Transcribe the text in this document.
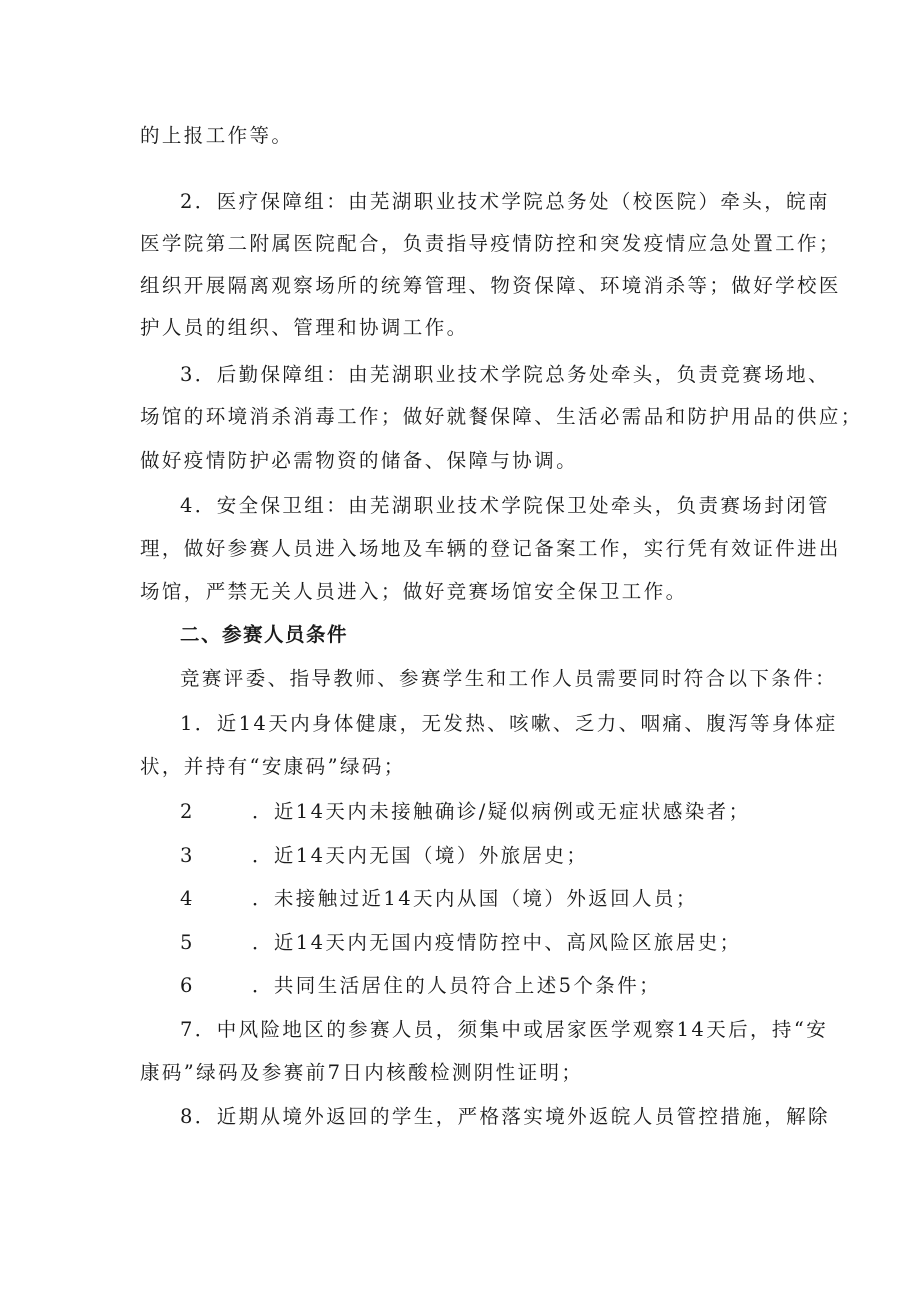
的上报工作等。
2．医疗保障组：由芜湖职业技术学院总务处（校医院）牵头，皖南
医学院第二附属医院配合，负责指导疫情防控和突发疫情应急处置工作；
组织开展隔离观察场所的统筹管理、物资保障、环境消杀等；做好学校医
护人员的组织、管理和协调工作。
3．后勤保障组：由芜湖职业技术学院总务处牵头，负责竞赛场地、
场馆的环境消杀消毒工作；做好就餐保障、生活必需品和防护用品的供应；
做好疫情防护必需物资的储备、保障与协调。
4．安全保卫组：由芜湖职业技术学院保卫处牵头，负责赛场封闭管
理，做好参赛人员进入场地及车辆的登记备案工作，实行凭有效证件进出
场馆，严禁无关人员进入；做好竞赛场馆安全保卫工作。
二、参赛人员条件
竞赛评委、指导教师、参赛学生和工作人员需要同时符合以下条件：
1．近14天内身体健康，无发热、咳嗽、乏力、咽痛、腹泻等身体症
状，并持有“安康码”绿码；
2	．近14天内未接触确诊/疑似病例或无症状感染者；
3	．近14天内无国（境）外旅居史；
4	．未接触过近14天内从国（境）外返回人员；
5	．近14天内无国内疫情防控中、高风险区旅居史；
6	．共同生活居住的人员符合上述5个条件；
7．中风险地区的参赛人员，须集中或居家医学观察14天后，持“安
康码”绿码及参赛前7日内核酸检测阴性证明；
8．近期从境外返回的学生，严格落实境外返皖人员管控措施，解除
